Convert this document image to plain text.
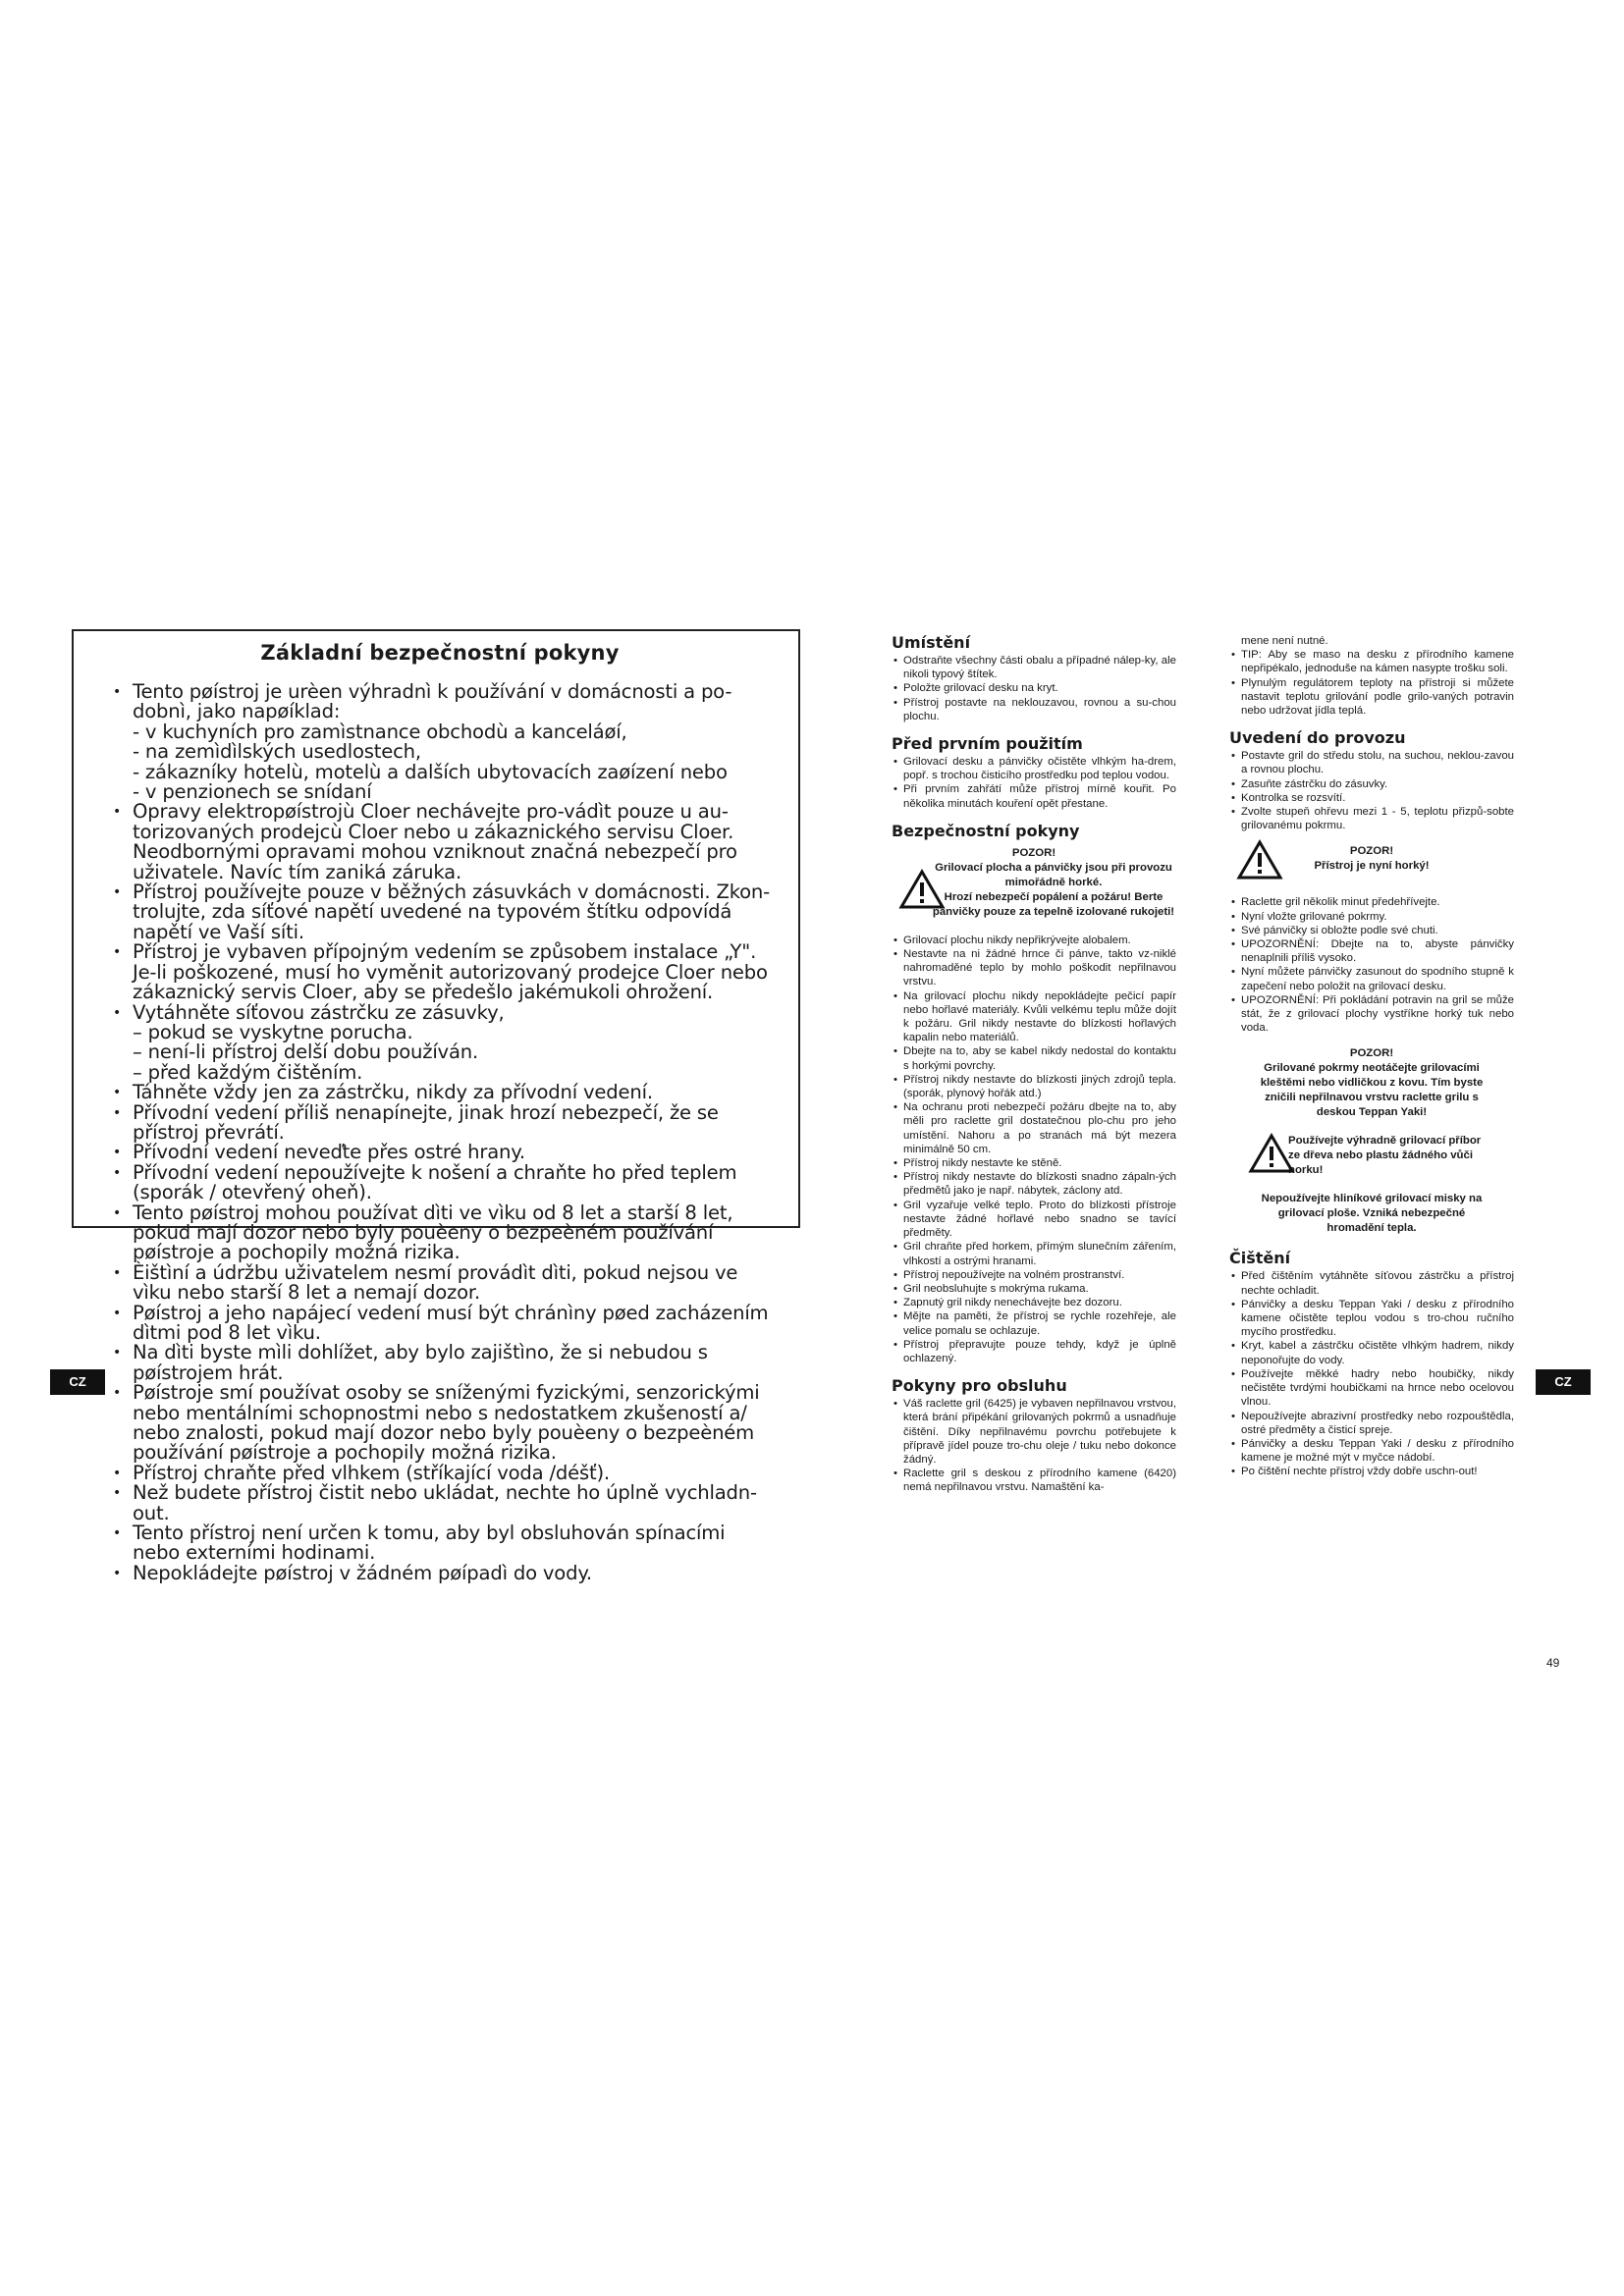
Základní bezpečnostní pokyny
• Tento pøístroj je urèen výhradnì k používání v domácnosti a po-dobnì, jako napøíklad:
- v kuchyních pro zamìstnance obchodù a kanceláøí,
- na zemìdìlských usedlostech,
- zákazníky hotelù, motelù a dalších ubytovacích zaøízení nebo
- v penzionech se snídaní
• Opravy elektropøístrojù Cloer nechávejte pro-vádìt pouze u au-torizovaných prodejcù Cloer nebo u zákaznického servisu Cloer. Neodbornými opravami mohou vzniknout značná nebezpečí pro uživatele. Navíc tím zaniká záruka.
• Přístroj používejte pouze v běžných zásuvkách v domácnosti. Zkon-trolujte, zda síťové napětí uvedené na typovém štítku odpovídá napětí ve Vaší síti.
• Přístroj je vybaven přípojným vedením se způsobem instalace „Y". Je-li poškozené, musí ho vyměnit autorizovaný prodejce Cloer nebo zákaznický servis Cloer, aby se předešlo jakémukoli ohrožení.
• Vytáhněte síťovou zástrčku ze zásuvky,
– pokud se vyskytne porucha.
– není-li přístroj delší dobu používán.
– před každým čištěním.
• Táhněte vždy jen za zástrčku, nikdy za přívodní vedení.
• Přívodní vedení příliš nenapínejte, jinak hrozí nebezpečí, že se přístroj převrátí.
• Přívodní vedení neveďte přes ostré hrany.
• Přívodní vedení nepoužívejte k nošení a chraňte ho před teplem (sporák / otevřený oheň).
• Tento pøístroj mohou používat dìti ve vìku od 8 let a starší 8 let, pokud mají dozor nebo byly pouèeny o bezpeèném používání pøístroje a pochopily možná rizika.
• Èištìní a údržbu uživatelem nesmí provádìt dìti, pokud nejsou ve vìku nebo starší 8 let a nemají dozor.
• Pøístroj a jeho napájecí vedení musí být chránìny pøed zacházením dìtmi pod 8 let vìku.
• Na dìti byste mìli dohlížet, aby bylo zajištìno, že si nebudou s pøístrojem hrát.
• Pøístroje smí používat osoby se sníženými fyzickými, senzorickými nebo mentálními schopnostmi nebo s nedostatkem zkušeností a/ nebo znalosti, pokud mají dozor nebo byly pouèeny o bezpeèném používání pøístroje a pochopily možná rizika.
• Přístroj chraňte před vlhkem (stříkající voda /déšť).
• Než budete přístroj čistit nebo ukládat, nechte ho úplně vychladn-out.
• Tento přístroj není určen k tomu, aby byl obsluhován spínacími nebo externími hodinami.
• Nepokládejte pøístroj v žádném pøípadì do vody.
CZ	CZ
Umístění
• Odstraňte všechny části obalu a případné nálep-ky, ale nikoli typový štítek.
• Položte grilovací desku na kryt.
• Přístroj postavte na neklouzavou, rovnou a su-chou plochu.
Před prvním použitím
• Grilovací desku a pánvičky očistěte vlhkým ha-drem, popř. s trochou čisticího prostředku pod teplou vodou.
• Při prvním zahřátí může přístroj mírně kouřit. Po několika minutách kouření opět přestane.
Bezpečnostní pokyny
POZOR!
Grilovací plocha a pánvičky jsou při provozu mimořádně horké.
Hrozí nebezpečí popálení a požáru! Berte pánvičky pouze za tepelně izolované rukojeti!
• Grilovací plochu nikdy nepřikrývejte alobalem.
• Nestavte na ni žádné hrnce či pánve, takto vz-niklé nahromaděné teplo by mohlo poškodit nepřilnavou vrstvu.
• Na grilovací plochu nikdy nepokládejte pečicí papír nebo hořlavé materiály. Kvůli velkému teplu může dojít k požáru. Gril nikdy nestavte do blízkosti hořlavých kapalin nebo materiálů.
• Dbejte na to, aby se kabel nikdy nedostal do kontaktu s horkými povrchy.
• Přístroj nikdy nestavte do blízkosti jiných zdrojů tepla. (sporák, plynový hořák atd.)
• Na ochranu proti nebezpečí požáru dbejte na to, aby měli pro raclette gril dostatečnou plo-chu pro jeho umístění. Nahoru a po stranách má být mezera minimálně 50 cm.
• Přístroj nikdy nestavte ke stěně.
• Přístroj nikdy nestavte do blízkosti snadno zápaln-ých předmětů jako je např. nábytek, záclony atd.
• Gril vyzařuje velké teplo. Proto do blízkosti přístroje nestavte žádné hořlavé nebo snadno se tavící předměty.
• Gril chraňte před horkem, přímým slunečním zářením, vlhkostí a ostrými hranami.
• Přístroj nepoužívejte na volném prostranství.
• Gril neobsluhujte s mokrýma rukama.
• Zapnutý gril nikdy nenechávejte bez dozoru.
• Mějte na paměti, že přístroj se rychle rozehřeje, ale velice pomalu se ochlazuje.
• Přístroj přepravujte pouze tehdy, když je úplně ochlazený.
Pokyny pro obsluhu
• Váš raclette gril (6425) je vybaven nepřilnavou vrstvou, která brání připékání grilovaných pokrmů a usnadňuje čištění. Díky nepřilnavému povrchu potřebujete k přípravě jídel pouze tro-chu oleje / tuku nebo dokonce žádný.
• Raclette gril s deskou z přírodního kamene (6420) nemá nepřilnavou vrstvu. Namaštění ka-

mene není nutné.

• TIP: Aby se maso na desku z přírodního kamene nepřipékalo, jednoduše na kámen nasypte trošku soli.
• Plynulým regulátorem teploty na přístroji si můžete nastavit teplotu grilování podle grilo-vaných potravin nebo udržovat jídla teplá.
Uvedení do provozu
• Postavte gril do středu stolu, na suchou, neklou-zavou a rovnou plochu.
• Zasuňte zástrčku do zásuvky.
• Kontrolka se rozsvítí.
• Zvolte stupeň ohřevu mezi 1 - 5, teplotu přizpů-sobte grilovanému pokrmu.
POZOR!
Přístroj je nyní horký!
• Raclette gril několik minut předehřívejte.
• Nyní vložte grilované pokrmy.
• Své pánvičky si obložte podle své chuti.
• UPOZORNĚNÍ: Dbejte na to, abyste pánvičky nenaplnili příliš vysoko.
• Nyní můžete pánvičky zasunout do spodního stupně k zapečení nebo položit na grilovací desku.
• UPOZORNĚNÍ: Při pokládání potravin na gril se může stát, že z grilovací plochy vystříkne horký tuk nebo voda.
POZOR!
Grilované pokrmy neotáčejte grilovacími kleštěmi nebo vidličkou z kovu. Tím byste zničili nepřilnavou vrstvu raclette grilu s deskou Teppan Yaki!
Používejte výhradně grilovací příbor ze dřeva nebo plastu žádného vůči horku!
Nepoužívejte hliníkové grilovací misky na grilovací ploše. Vzniká nebezpečné hromadění tepla.
Čištění
• Před čištěním vytáhněte síťovou zástrčku a přístroj nechte ochladit.
• Pánvičky a desku Teppan Yaki / desku z přírodního kamene očistěte teplou vodou s tro-chou ručního mycího prostředku.
• Kryt, kabel a zástrčku očistěte vlhkým hadrem, nikdy neponořujte do vody.
• Používejte měkké hadry nebo houbičky, nikdy nečistěte tvrdými houbičkami na hrnce nebo ocelovou vlnou.
• Nepoužívejte abrazivní prostředky nebo rozpouštědla, ostré předměty a čisticí spreje.
• Pánvičky a desku Teppan Yaki / desku z přírodního kamene je možné mýt v myčce nádobí.
• Po čištění nechte přístroj vždy dobře uschn-out!
49
